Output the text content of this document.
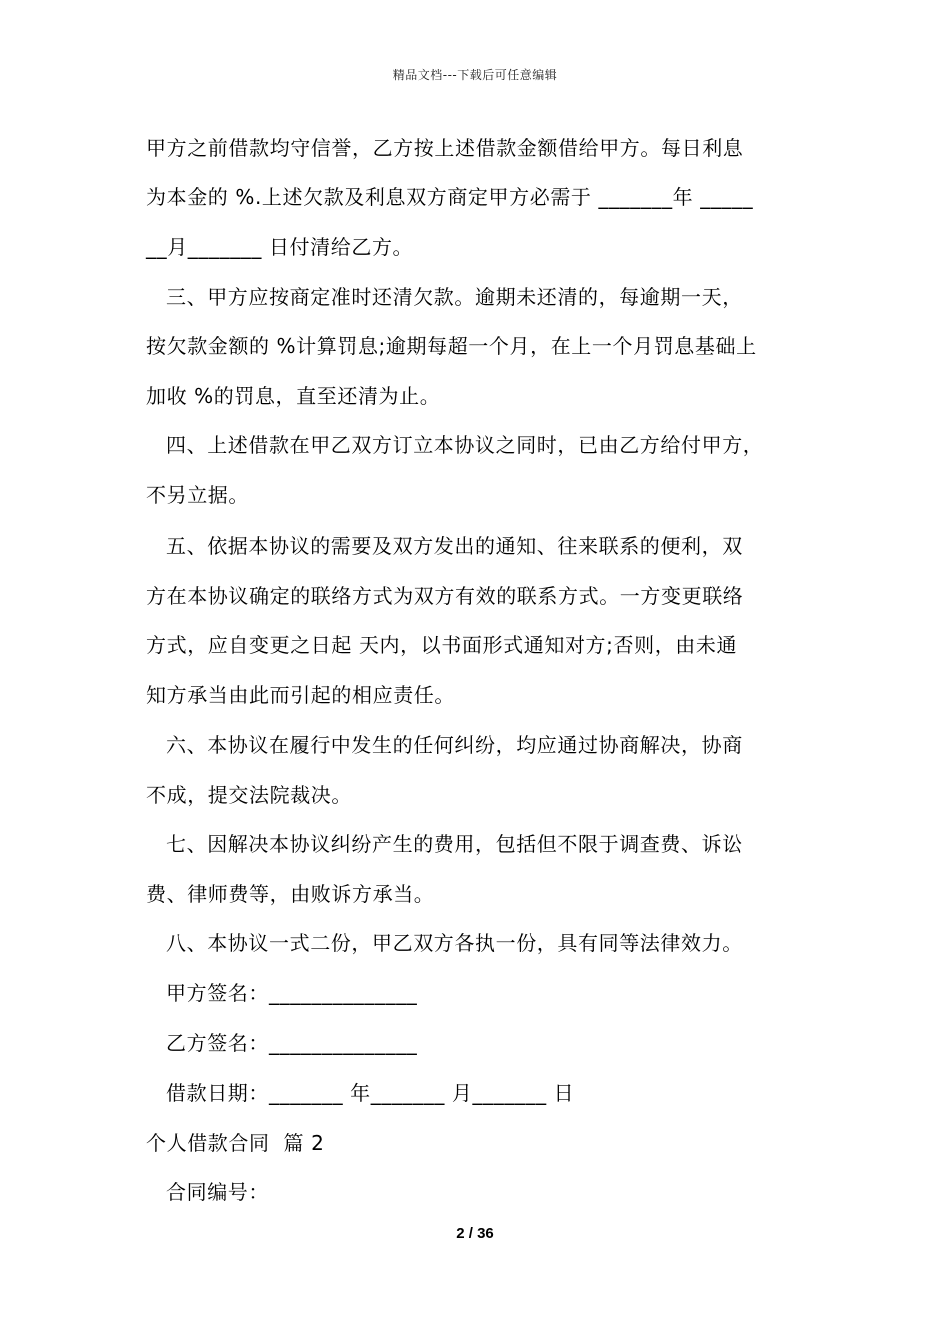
精品文档---下载后可任意编辑
甲方之前借款均守信誉，乙方按上述借款金额借给甲方。每日利息
为本金的 %.上述欠款及利息双方商定甲方必需于 _______年 _____
__月_______ 日付清给乙方。
三、甲方应按商定准时还清欠款。逾期未还清的，每逾期一天，
按欠款金额的 %计算罚息;逾期每超一个月，在上一个月罚息基础上
加收 %的罚息，直至还清为止。
四、上述借款在甲乙双方订立本协议之同时，已由乙方给付甲方，
不另立据。
五、依据本协议的需要及双方发出的通知、往来联系的便利，双
方在本协议确定的联络方式为双方有效的联系方式。一方变更联络
方式，应自变更之日起 天内，以书面形式通知对方;否则，由未通
知方承当由此而引起的相应责任。
六、本协议在履行中发生的任何纠纷，均应通过协商解决，协商
不成，提交法院裁决。
七、因解决本协议纠纷产生的费用，包括但不限于调查费、诉讼
费、律师费等，由败诉方承当。
八、本协议一式二份，甲乙双方各执一份，具有同等法律效力。
甲方签名：______________
乙方签名：______________
借款日期：_______ 年_______ 月_______ 日
个人借款合同  篇 2
合同编号：
2 / 36
